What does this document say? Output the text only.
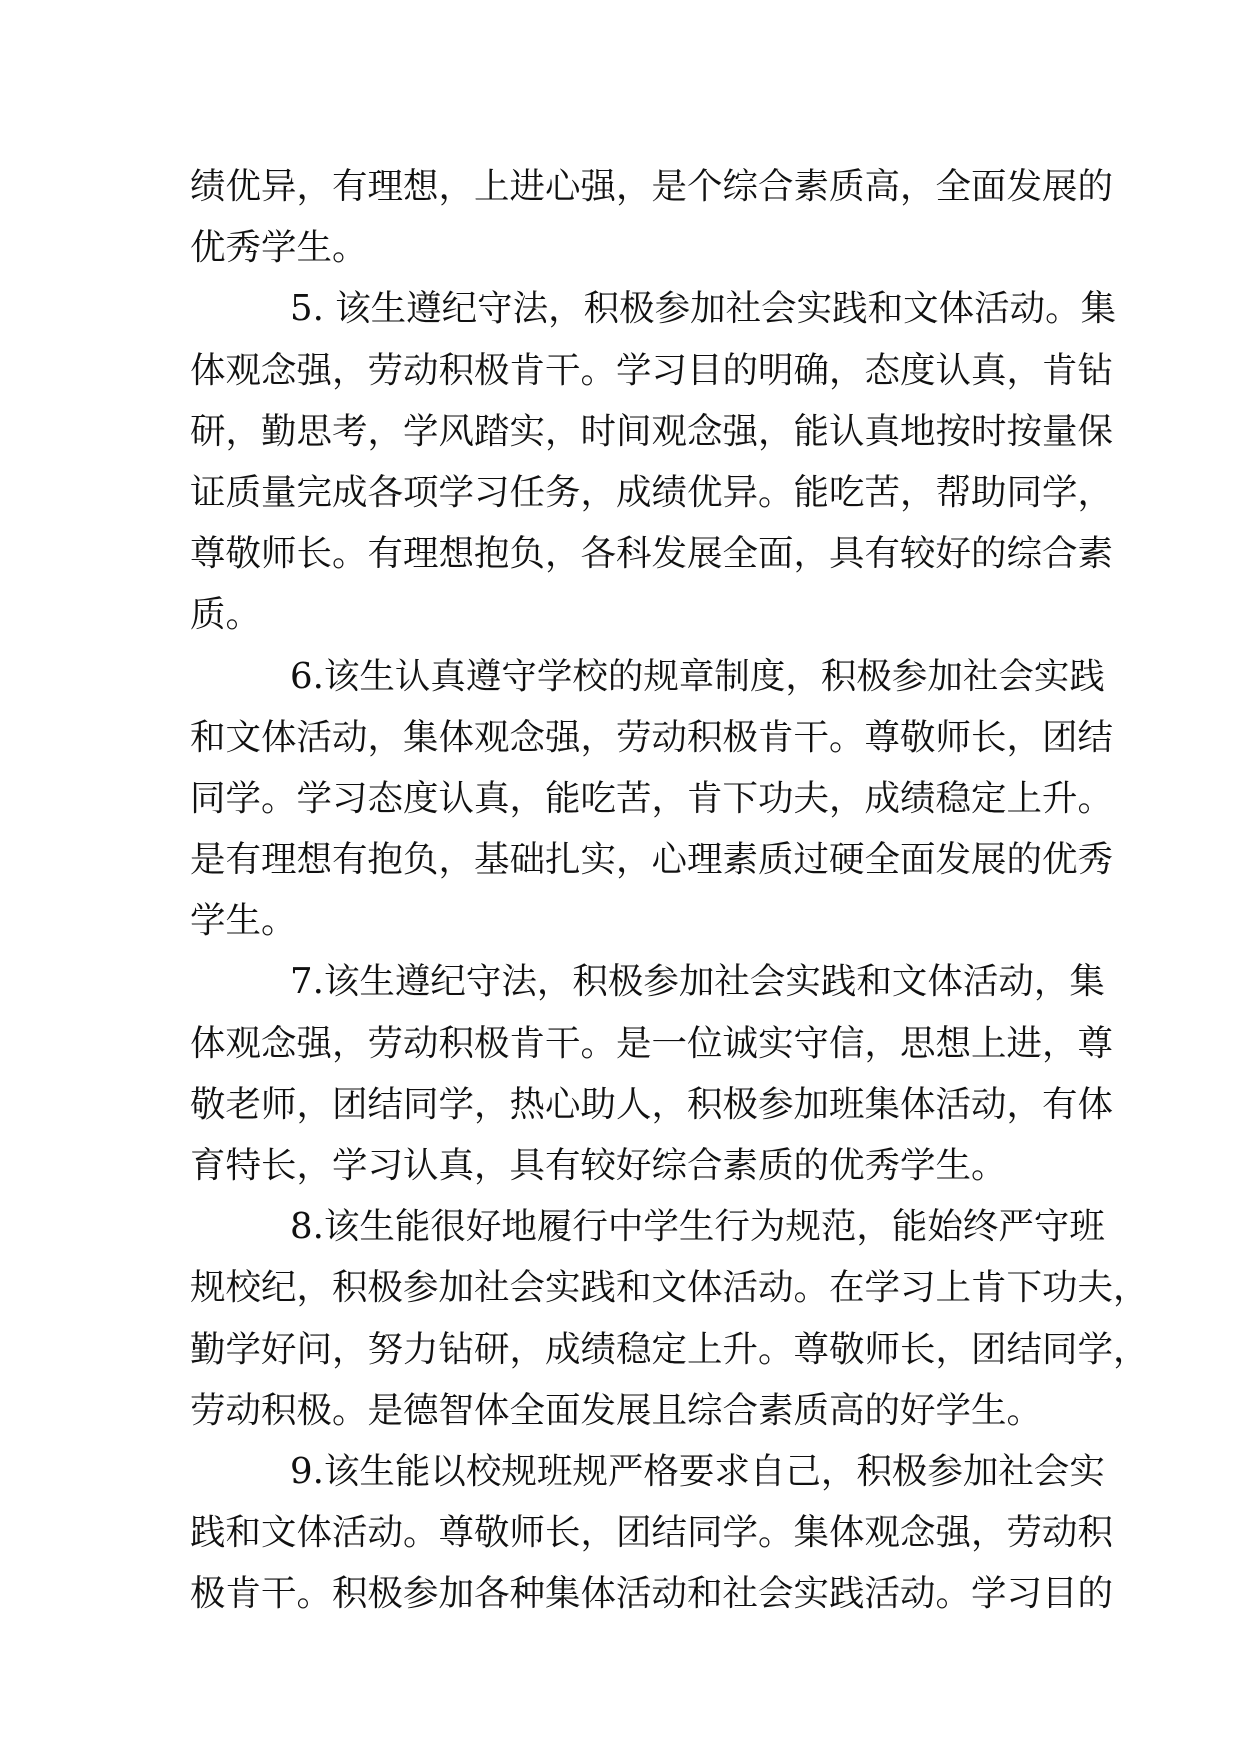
绩优异，有理想，上进心强，是个综合素质高，全面发展的
优秀学生。
5. 该生遵纪守法，积极参加社会实践和文体活动。集
体观念强，劳动积极肯干。学习目的明确，态度认真，肯钻
研，勤思考，学风踏实，时间观念强，能认真地按时按量保
证质量完成各项学习任务，成绩优异。能吃苦，帮助同学，
尊敬师长。有理想抱负，各科发展全面，具有较好的综合素
质。
6.该生认真遵守学校的规章制度，积极参加社会实践
和文体活动，集体观念强，劳动积极肯干。尊敬师长，团结
同学。学习态度认真，能吃苦，肯下功夫，成绩稳定上升。
是有理想有抱负，基础扎实，心理素质过硬全面发展的优秀
学生。
7.该生遵纪守法，积极参加社会实践和文体活动，集
体观念强，劳动积极肯干。是一位诚实守信，思想上进，尊
敬老师，团结同学，热心助人，积极参加班集体活动，有体
育特长，学习认真，具有较好综合素质的优秀学生。
8.该生能很好地履行中学生行为规范，能始终严守班
规校纪，积极参加社会实践和文体活动。在学习上肯下功夫，
勤学好问，努力钻研，成绩稳定上升。尊敬师长，团结同学，
劳动积极。是德智体全面发展且综合素质高的好学生。
9.该生能以校规班规严格要求自己，积极参加社会实
践和文体活动。尊敬师长，团结同学。集体观念强，劳动积
极肯干。积极参加各种集体活动和社会实践活动。学习目的
